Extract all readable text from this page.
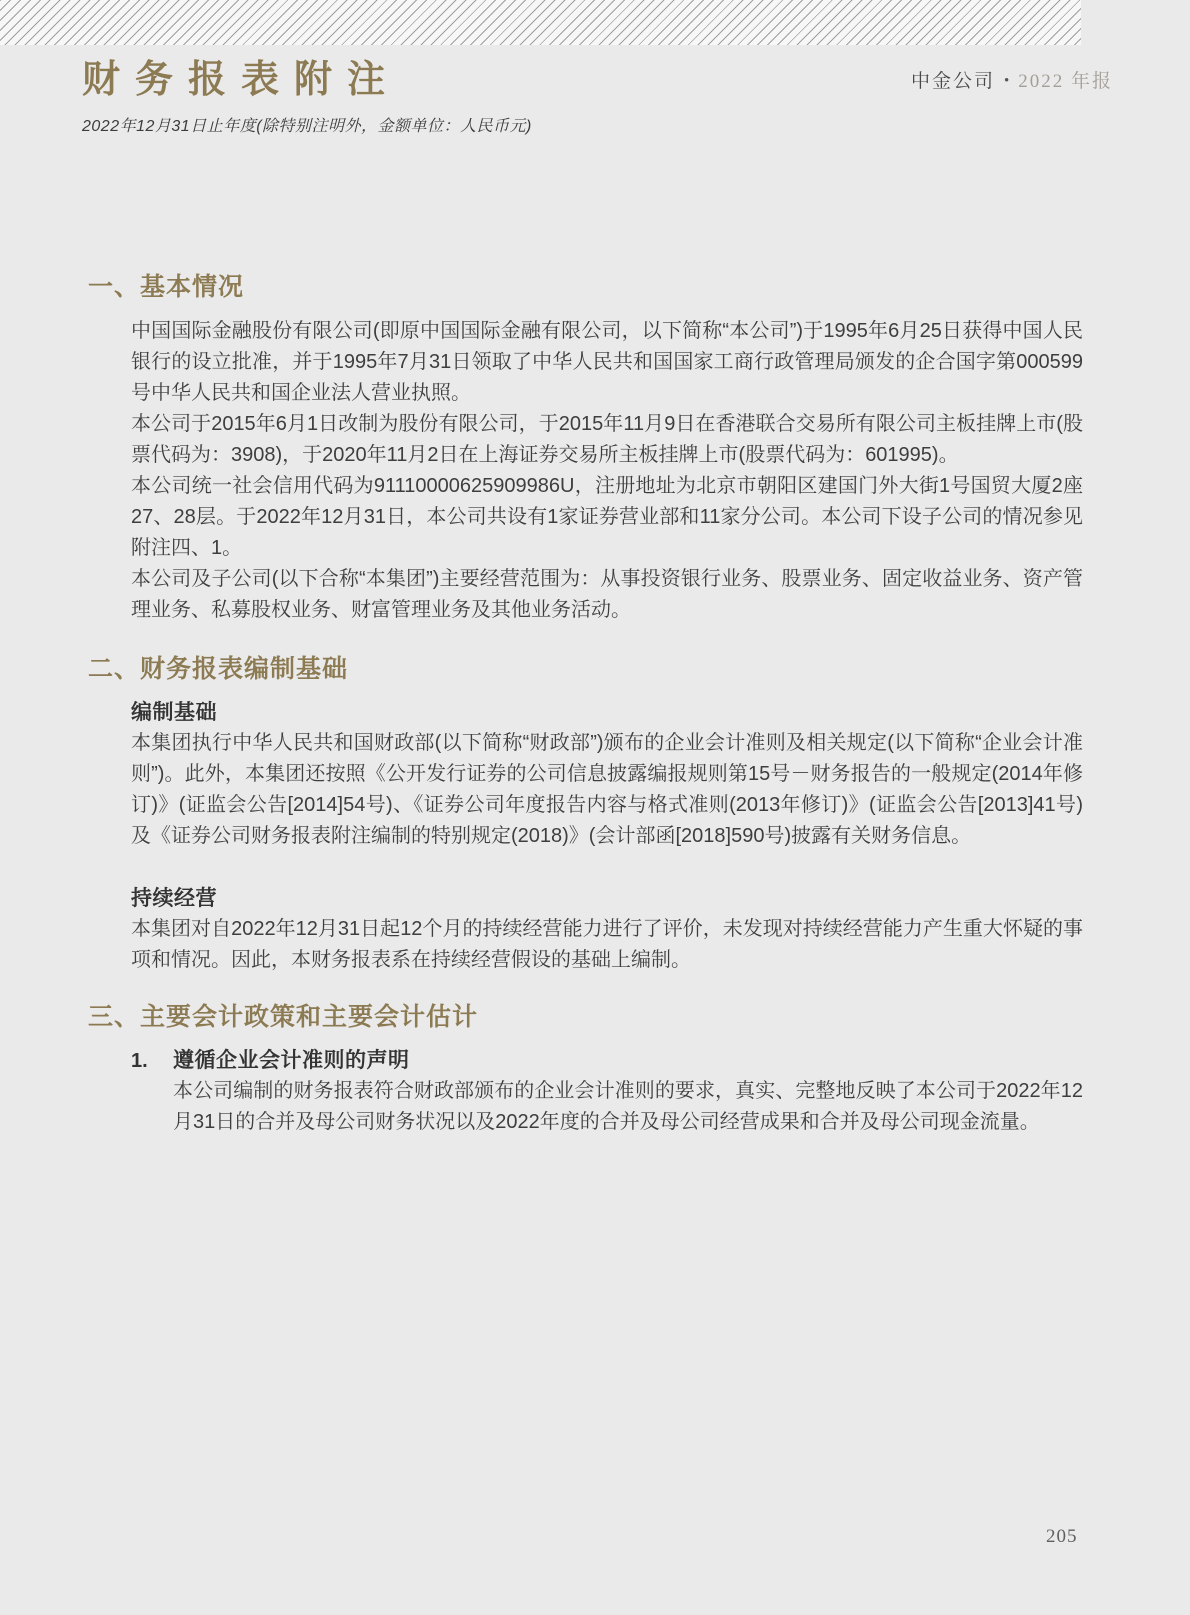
财务报表附注
2022年12月31日止年度(除特别注明外，金额单位：人民币元)
中金公司 • 2022 年报
一、基本情况

中国国际金融股份有限公司(即原中国国际金融有限公司，以下简称“本公司”)于1995年6月25日获得中国人民银行的设立批准，并于1995年7月31日领取了中华人民共和国国家工商行政管理局颁发的企合国字第000599号中华人民共和国企业法人营业执照。

本公司于2015年6月1日改制为股份有限公司，于2015年11月9日在香港联合交易所有限公司主板挂牌上市(股票代码为：3908)，于2020年11月2日在上海证券交易所主板挂牌上市(股票代码为：601995)。

本公司统一社会信用代码为91110000625909986U，注册地址为北京市朝阳区建国门外大街1号国贸大厦2座27、28层。于2022年12月31日，本公司共设有1家证券营业部和11家分公司。本公司下设子公司的情况参见附注四、1。

本公司及子公司(以下合称“本集团”)主要经营范围为：从事投资银行业务、股票业务、固定收益业务、资产管理业务、私募股权业务、财富管理业务及其他业务活动。

二、财务报表编制基础
编制基础

本集团执行中华人民共和国财政部(以下简称“财政部”)颁布的企业会计准则及相关规定(以下简称“企业会计准则”)。此外，本集团还按照《公开发行证券的公司信息披露编报规则第15号－财务报告的一般规定(2014年修订)》(证监会公告[2014]54号)、《证券公司年度报告内容与格式准则(2013年修订)》(证监会公告[2013]41号)及《证券公司财务报表附注编制的特别规定(2018)》(会计部函[2018]590号)披露有关财务信息。

持续经营

本集团对自2022年12月31日起12个月的持续经营能力进行了评价，未发现对持续经营能力产生重大怀疑的事项和情况。因此，本财务报表系在持续经营假设的基础上编制。

三、主要会计政策和主要会计估计
1.	遵循企业会计准则的声明

本公司编制的财务报表符合财政部颁布的企业会计准则的要求，真实、完整地反映了本公司于2022年12月31日的合并及母公司财务状况以及2022年度的合并及母公司经营成果和合并及母公司现金流量。

205
